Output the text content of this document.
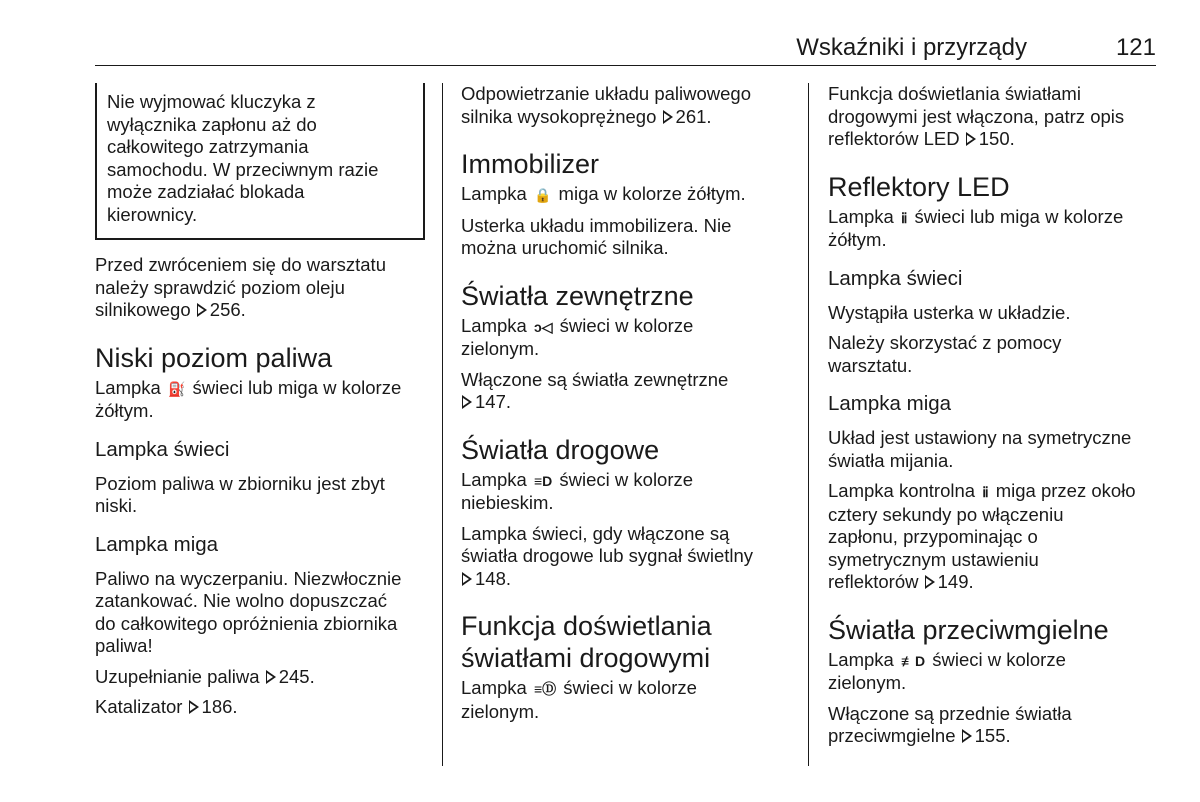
Wskaźniki i przyrządy	121
Nie wyjmować kluczyka z
wyłącznika zapłonu aż do
całkowitego zatrzymania
samochodu. W przeciwnym razie
może zadziałać blokada
kierownicy.
Przed zwróceniem się do warsztatu
należy sprawdzić poziom oleju
silnikowego 256.
Niski poziom paliwa
Lampka ⛽ świeci lub miga w kolorze
żółtym.
Lampka świeci
Poziom paliwa w zbiorniku jest zbyt
niski.
Lampka miga
Paliwo na wyczerpaniu. Niezwłocznie
zatankować. Nie wolno dopuszczać
do całkowitego opróżnienia zbiornika
paliwa!
Uzupełnianie paliwa 245.
Katalizator 186.
Odpowietrzanie układu paliwowego
silnika wysokoprężnego 261.
Immobilizer
Lampka 🔒 miga w kolorze żółtym.
Usterka układu immobilizera. Nie
można uruchomić silnika.
Światła zewnętrzne
Lampka ᴐ◁ świeci w kolorze
zielonym.
Włączone są światła zewnętrzne
147.
Światła drogowe
Lampka ≡D świeci w kolorze
niebieskim.
Lampka świeci, gdy włączone są
światła drogowe lub sygnał świetlny
148.
Funkcja doświetlania
światłami drogowymi
Lampka ≡Ⓓ świeci w kolorze
zielonym.
Funkcja doświetlania światłami
drogowymi jest włączona, patrz opis
reflektorów LED 150.
Reflektory LED
Lampka ⅱ świeci lub miga w kolorze
żółtym.
Lampka świeci
Wystąpiła usterka w układzie.
Należy skorzystać z pomocy
warsztatu.
Lampka miga
Układ jest ustawiony na symetryczne
światła mijania.
Lampka kontrolna ⅱ miga przez około
cztery sekundy po włączeniu
zapłonu, przypominając o
symetrycznym ustawieniu
reflektorów 149.
Światła przeciwmgielne
Lampka ≢D świeci w kolorze
zielonym.
Włączone są przednie światła
przeciwmgielne 155.
